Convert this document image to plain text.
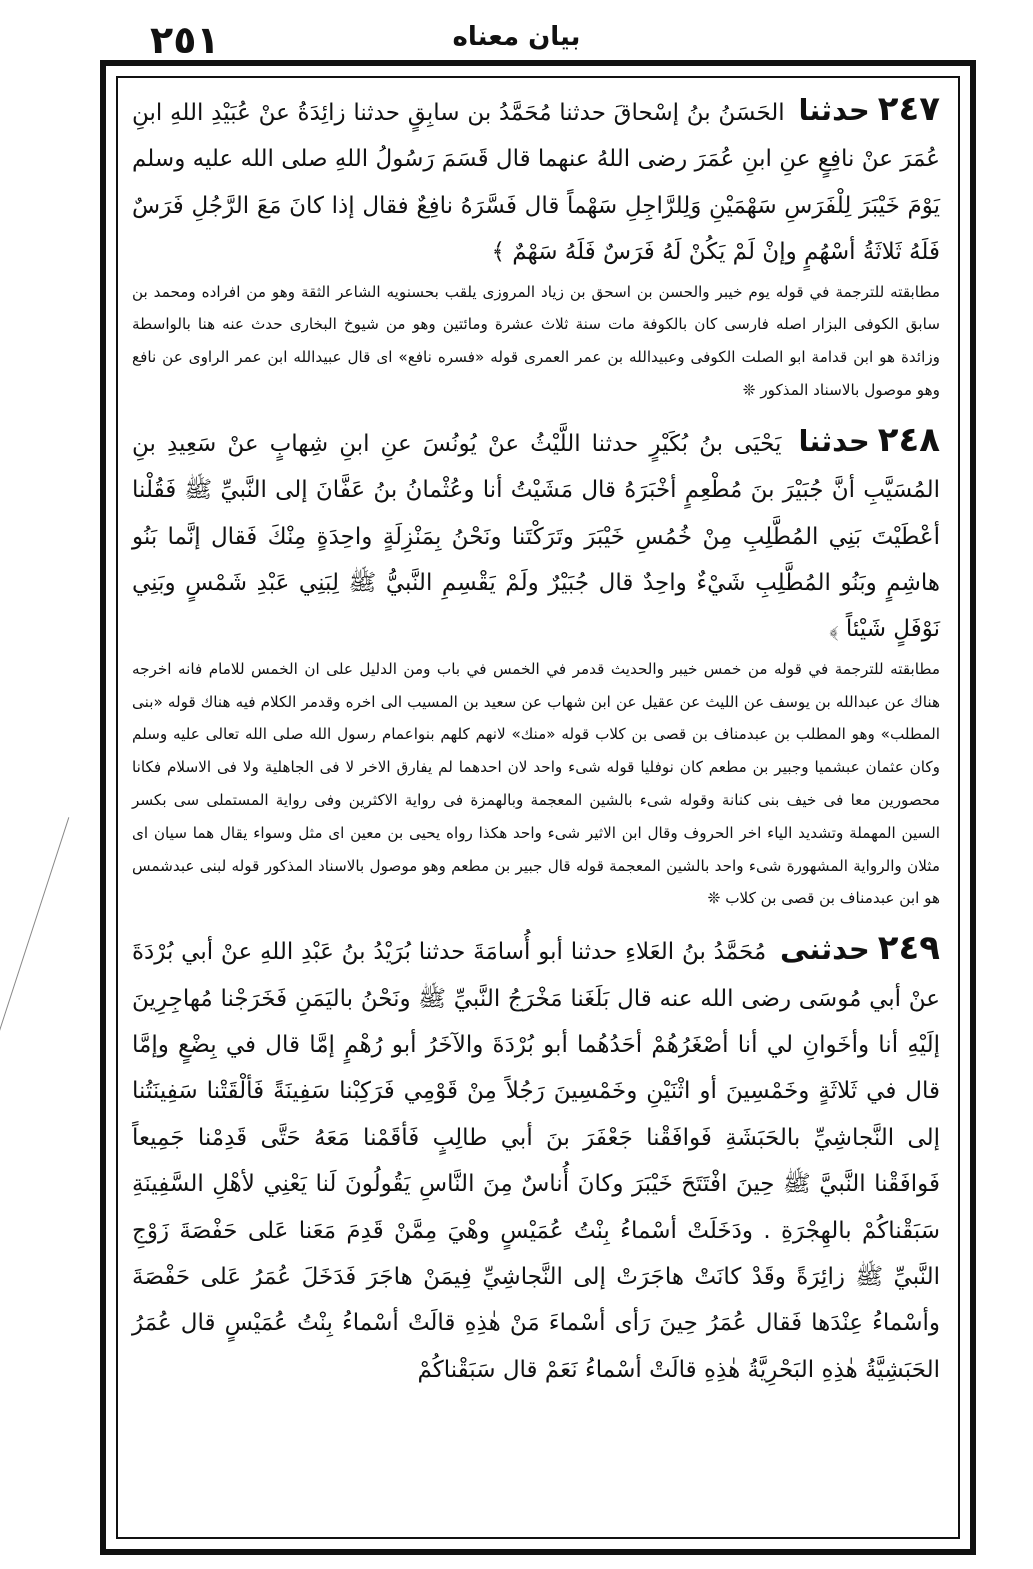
٢٥١	بيان معناه

٢٤٧حدثنا الحَسَنُ بنُ إسْحاقَ حدثنا مُحَمَّدُ بن سابِقٍ حدثنا زائِدَةُ عنْ عُبَيْدِ اللهِ ابنِ عُمَرَ عنْ نافِعٍ عنِ ابنِ عُمَرَ رضى اللهُ عنهما قال قَسَمَ رَسُولُ اللهِ صلى الله عليه وسلم يَوْمَ خَيْبَرَ لِلْفَرَسِ سَهْمَيْنِ وَلِلرَّاجِلِ سَهْماً قال فَسَّرَهُ نافِعٌ فقال إذا كانَ مَعَ الرَّجُلِ فَرَسٌ فَلَهُ ثَلاثَةُ أسْهُمٍ وإنْ لَمْ يَكُنْ لَهُ فَرَسٌ فَلَهُ سَهْمٌ ﴾

مطابقته للترجمة في قوله يوم خيبر والحسن بن اسحق بن زياد المروزى يلقب بحسنويه الشاعر الثقة وهو من افراده ومحمد بن سابق الكوفى البزار اصله فارسى كان بالكوفة مات سنة ثلاث عشرة ومائتين وهو من شيوخ البخارى حدث عنه هنا بالواسطة وزائدة هو ابن قدامة ابو الصلت الكوفى وعبيدالله بن عمر العمرى قوله «فسره نافع» اى قال عبيدالله ابن عمر الراوى عن نافع وهو موصول بالاسناد المذكور ❊

٢٤٨حدثنا يَحْيَى بنُ بُكَيْرٍ حدثنا اللَّيْثُ عنْ يُونُسَ عنِ ابنِ شِهابٍ عنْ سَعِيدِ بنِ المُسَيَّبِ أنَّ جُبَيْرَ بنَ مُطْعِمٍ أخْبَرَهُ قال مَشَيْتُ أنا وعُثْمانُ بنُ عَفَّانَ إلى النَّبيِّ ﷺ فَقُلْنا أعْطَيْتَ بَنِي المُطَّلِبِ مِنْ خُمُسِ خَيْبَرَ وتَرَكْتَنا ونَحْنُ بِمَنْزِلَةٍ واحِدَةٍ مِنْكَ فَقال إنَّما بَنُو هاشِمٍ وبَنُو المُطَّلِبِ شَيْءٌ واحِدٌ قال جُبَيْرٌ ولَمْ يَقْسِمِ النَّبيُّ ﷺ لِبَنِي عَبْدِ شَمْسٍ وبَنِي نَوْفَلٍ شَيْئاً ﴾

مطابقته للترجمة في قوله من خمس خيبر والحديث قدمر في الخمس في باب ومن الدليل على ان الخمس للامام فانه اخرجه هناك عن عبدالله بن يوسف عن الليث عن عقيل عن ابن شهاب عن سعيد بن المسيب الى اخره وقدمر الكلام فيه هناك قوله «بنى المطلب» وهو المطلب بن عبدمناف بن قصى بن كلاب قوله «منك» لانهم كلهم بنواعمام رسول الله صلى الله تعالى عليه وسلم وكان عثمان عبشميا وجبير بن مطعم كان نوفليا قوله شىء واحد لان احدهما لم يفارق الاخر لا فى الجاهلية ولا فى الاسلام فكانا محصورين معا فى خيف بنى كنانة وقوله شىء بالشين المعجمة وبالهمزة فى رواية الاكثرين وفى رواية المستملى سى بكسر السين المهملة وتشديد الياء اخر الحروف وقال ابن الاثير شىء واحد هكذا رواه يحيى بن معين اى مثل وسواء يقال هما سيان اى مثلان والرواية المشهورة شىء واحد بالشين المعجمة قوله قال جبير بن مطعم وهو موصول بالاسناد المذكور قوله لبنى عبدشمس هو ابن عبدمناف بن قصى بن كلاب ❊

٢٤٩حدثنى مُحَمَّدُ بنُ العَلاءِ حدثنا أبو أُسامَةَ حدثنا بُرَيْدُ بنُ عَبْدِ اللهِ عنْ أبي بُرْدَةَ عنْ أبي مُوسَى رضى الله عنه قال بَلَغَنا مَخْرَجُ النَّبيِّ ﷺ ونَحْنُ باليَمَنِ فَخَرَجْنا مُهاجِرِينَ إلَيْهِ أنا وأخَوانِ لي أنا أصْغَرُهُمْ أحَدُهُما أبو بُرْدَةَ والآخَرُ أبو رُهْمٍ إمَّا قال في بِضْعٍ وإمَّا قال في ثَلاثَةٍ وخَمْسِينَ أو اثْنَيْنِ وخَمْسِينَ رَجُلاً مِنْ قَوْمِي فَرَكِبْنا سَفِينَةً فَألْقَتْنا سَفِينَتُنا إلى النَّجاشِيِّ بالحَبَشَةِ فَوافَقْنا جَعْفَرَ بنَ أبي طالِبٍ فَأقَمْنا مَعَهُ حَتَّى قَدِمْنا جَمِيعاً فَوافَقْنا النَّبيَّ ﷺ حِينَ افْتَتَحَ خَيْبَرَ وكانَ أُناسٌ مِنَ النَّاسِ يَقُولُونَ لَنا يَعْنِي لأهْلِ السَّفِينَةِ سَبَقْناكُمْ بالهِجْرَةِ . ودَخَلَتْ أسْماءُ بِنْتُ عُمَيْسٍ وهْيَ مِمَّنْ قَدِمَ مَعَنا عَلى حَفْصَةَ زَوْجِ النَّبيِّ ﷺ زائِرَةً وقَدْ كانَتْ هاجَرَتْ إلى النَّجاشِيِّ فِيمَنْ هاجَرَ فَدَخَلَ عُمَرُ عَلى حَفْصَةَ وأسْماءُ عِنْدَها فَقال عُمَرُ حِينَ رَأى أسْماءَ مَنْ هٰذِهِ قالَتْ أسْماءُ بِنْتُ عُمَيْسٍ قال عُمَرُ الحَبَشِيَّةُ هٰذِهِ البَحْرِيَّةُ هٰذِهِ قالَتْ أسْماءُ نَعَمْ قال سَبَقْناكُمْ
